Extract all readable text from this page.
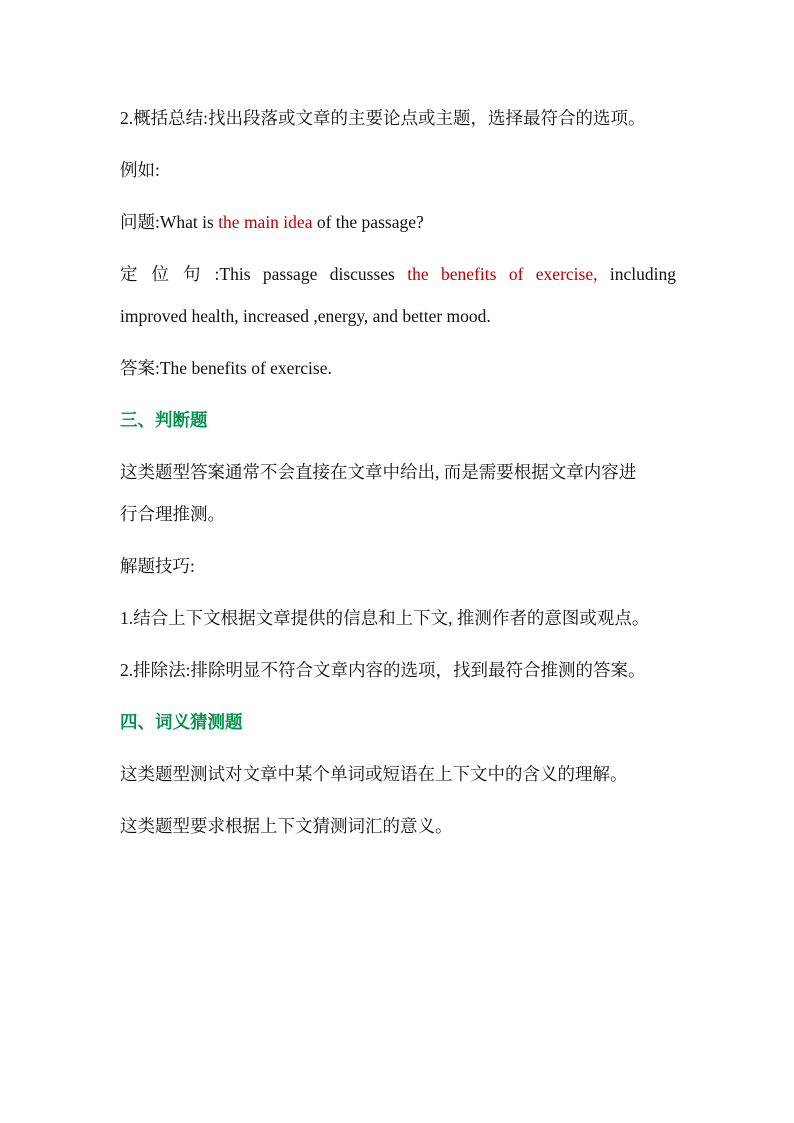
2.概括总结:找出段落或文章的主要论点或主题，选择最符合的选项。
例如:
问题:What is the main idea of the passage?
定位句:This passage discusses the benefits of exercise, including
improved health, increased ,energy, and better mood.
答案:The benefits of exercise.
三、判断题
这类题型答案通常不会直接在文章中给出, 而是需要根据文章内容进
行合理推测。
解题技巧:
1.结合上下文根据文章提供的信息和上下文, 推测作者的意图或观点。
2.排除法:排除明显不符合文章内容的选项，找到最符合推测的答案。
四、词义猜测题
这类题型测试对文章中某个单词或短语在上下文中的含义的理解。
这类题型要求根据上下文猜测词汇的意义。
